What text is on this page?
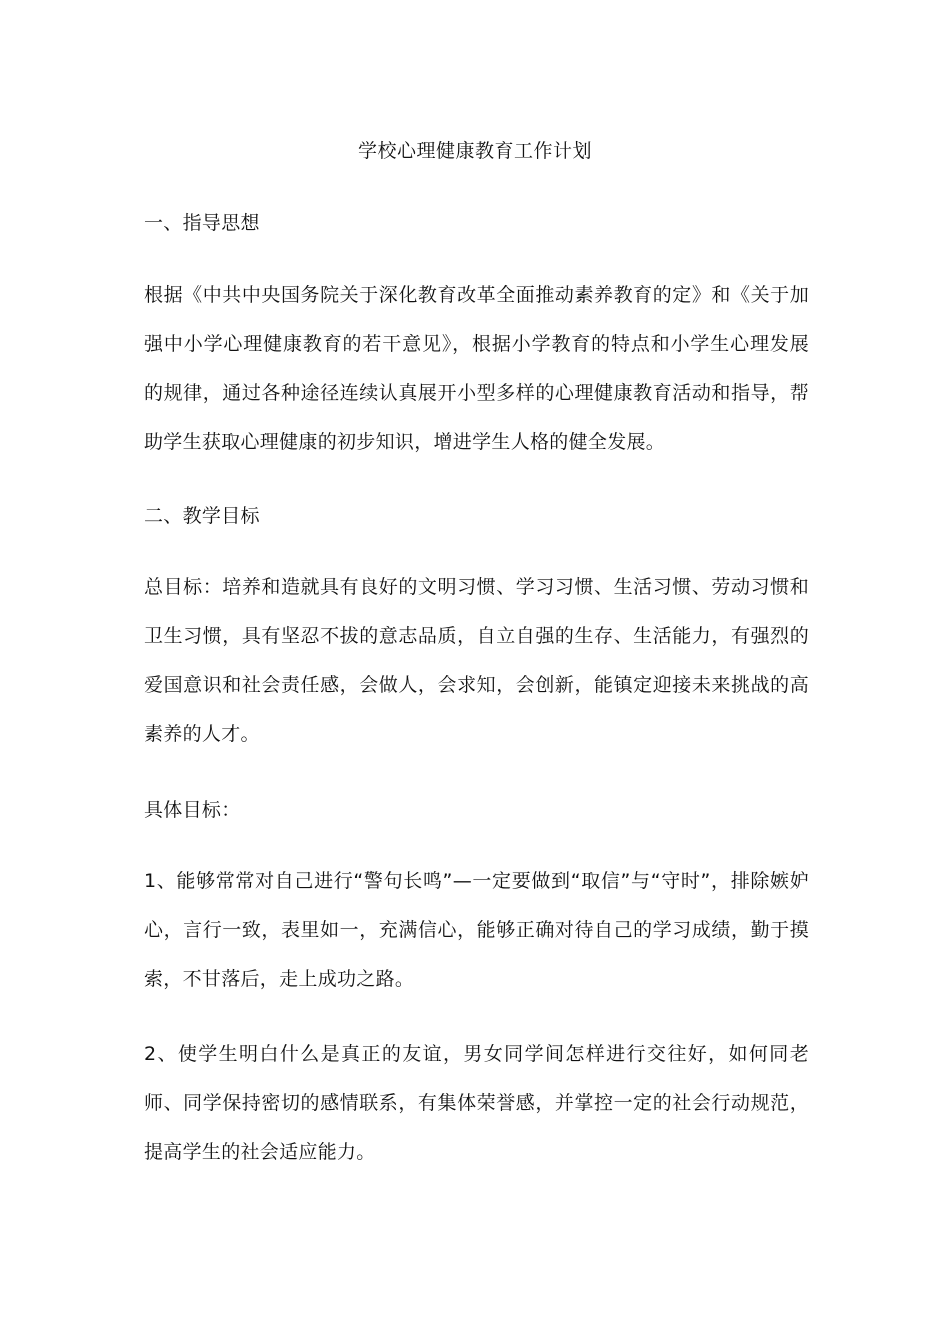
学校心理健康教育工作计划
一、指导思想

根据《中共中央国务院关于深化教育改革全面推动素养教育的定》和《关于加强中小学心理健康教育的若干意见》，根据小学教育的特点和小学生心理发展的规律，通过各种途径连续认真展开小型多样的心理健康教育活动和指导，帮助学生获取心理健康的初步知识，增进学生人格的健全发展。

二、教学目标

总目标：培养和造就具有良好的文明习惯、学习习惯、生活习惯、劳动习惯和卫生习惯，具有坚忍不拔的意志品质，自立自强的生存、生活能力，有强烈的爱国意识和社会责任感，会做人，会求知，会创新，能镇定迎接未来挑战的高素养的人才。

具体目标：

1、能够常常对自己进行“警句长鸣”—一定要做到“取信”与“守时”，排除嫉妒心，言行一致，表里如一，充满信心，能够正确对待自己的学习成绩，勤于摸索，不甘落后，走上成功之路。

2、使学生明白什么是真正的友谊，男女同学间怎样进行交往好，如何同老师、同学保持密切的感情联系，有集体荣誉感，并掌控一定的社会行动规范，提高学生的社会适应能力。
